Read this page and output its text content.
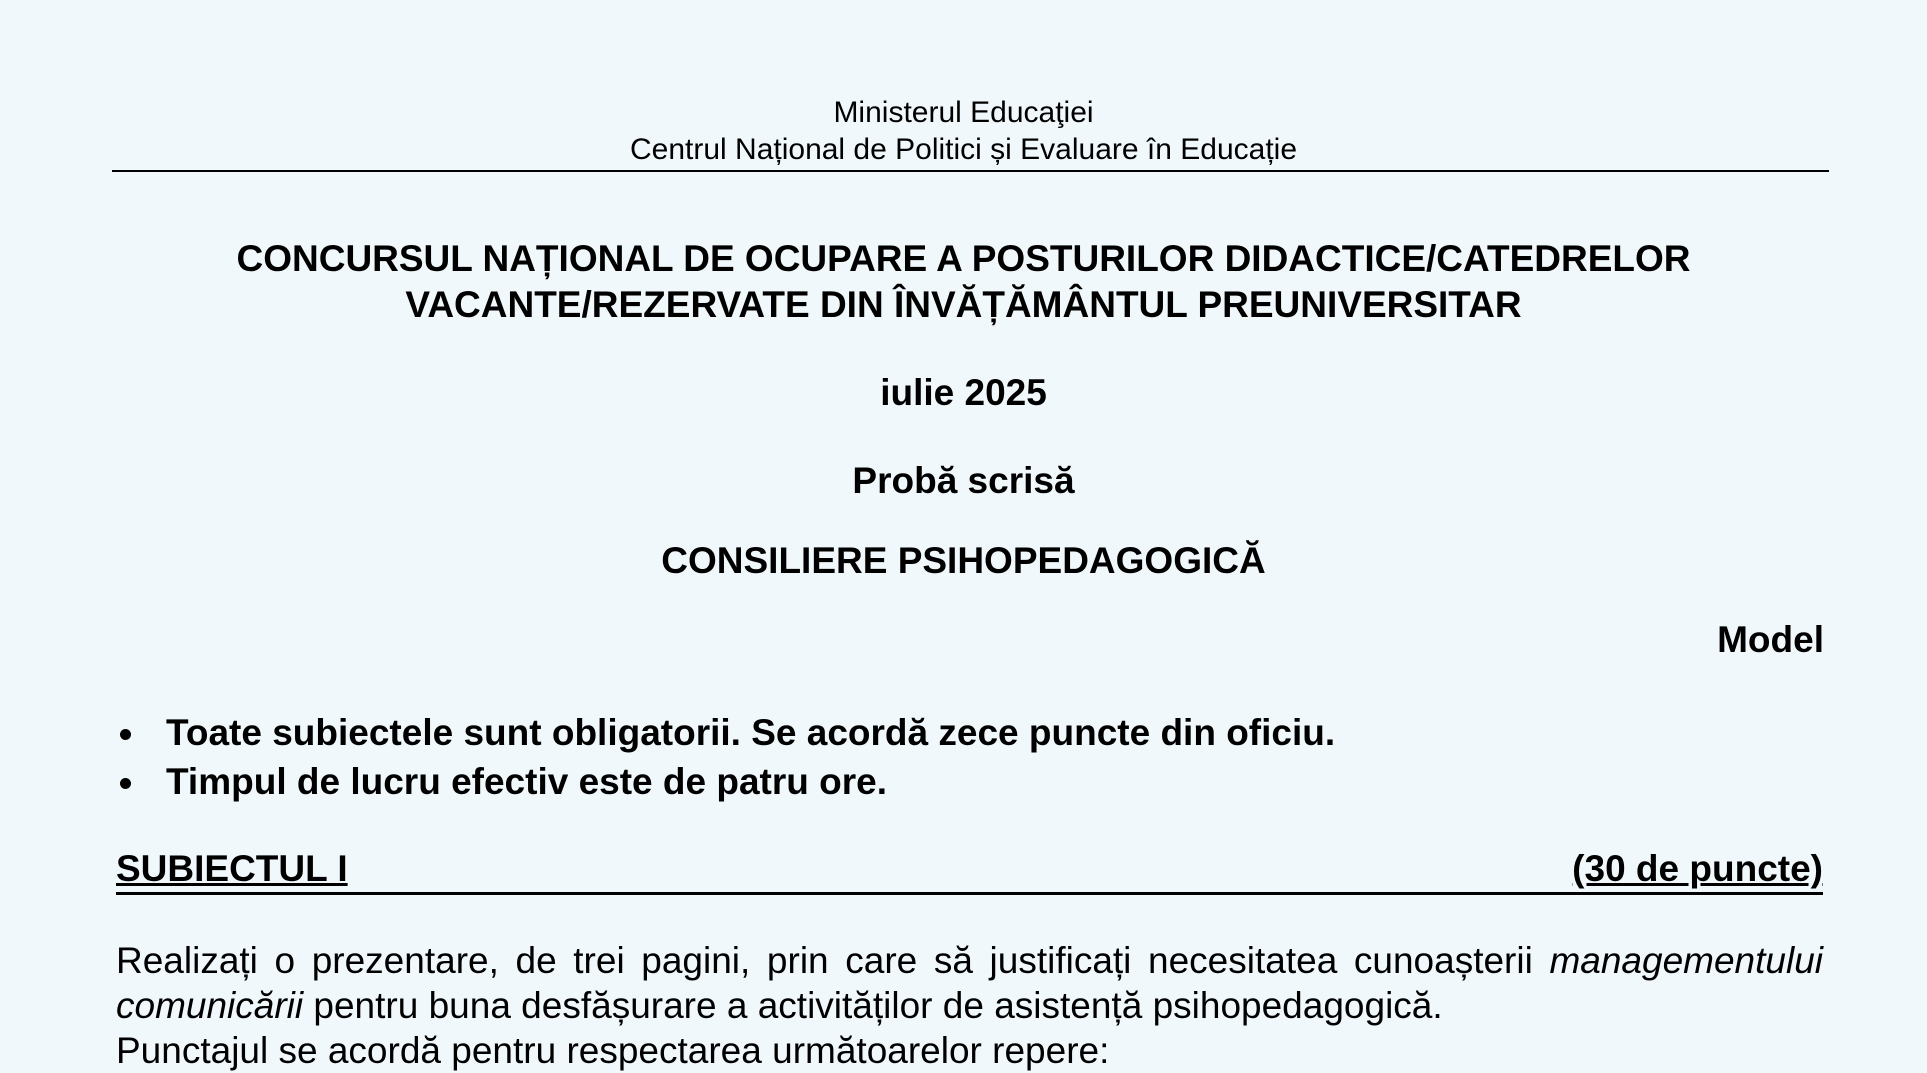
Ministerul Educaţiei
Centrul Național de Politici și Evaluare în Educație
CONCURSUL NAȚIONAL DE OCUPARE A POSTURILOR DIDACTICE/CATEDRELOR
VACANTE/REZERVATE DIN ÎNVĂȚĂMÂNTUL PREUNIVERSITAR
iulie 2025
Probă scrisă
CONSILIERE PSIHOPEDAGOGICĂ
Model
Toate subiectele sunt obligatorii. Se acordă zece puncte din oficiu.
Timpul de lucru efectiv este de patru ore.
SUBIECTUL I	(30 de puncte)

Realizați o prezentare, de trei pagini, prin care să justificați necesitatea cunoașterii managementului comunicării pentru buna desfășurare a activităților de asistență psihopedagogică.

Punctajul se acordă pentru respectarea următoarelor repere:
